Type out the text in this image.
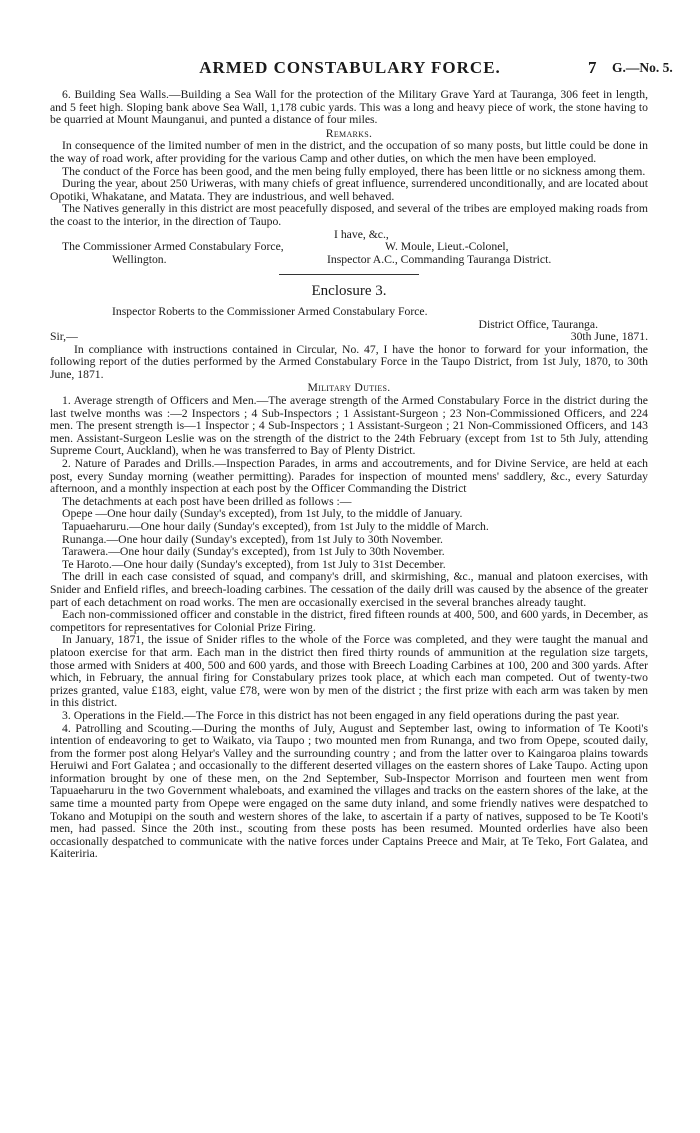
ARMED CONSTABULARY FORCE.	7 G.—No. 5.

6. Building Sea Walls.—Building a Sea Wall for the protection of the Military Grave Yard at Tauranga, 306 feet in length, and 5 feet high. Sloping bank above Sea Wall, 1,178 cubic yards. This was a long and heavy piece of work, the stone having to be quarried at Mount Maunganui, and punted a distance of four miles.

Remarks.

In consequence of the limited number of men in the district, and the occupation of so many posts, but little could be done in the way of road work, after providing for the various Camp and other duties, on which the men have been employed.

The conduct of the Force has been good, and the men being fully employed, there has been little or no sickness among them.

During the year, about 250 Uriweras, with many chiefs of great influence, surrendered unconditionally, and are located about Opotiki, Whakatane, and Matata. They are industrious, and well behaved.

The Natives generally in this district are most peacefully disposed, and several of the tribes are employed making roads from the coast to the interior, in the direction of Taupo.

I have, &c.,
The Commissioner Armed Constabulary Force,	W. Moule, Lieut.-Colonel,
Wellington.	Inspector A.C., Commanding Tauranga District.

Enclosure 3.

Inspector Roberts to the Commissioner Armed Constabulary Force.

District Office, Tauranga.

Sir,—	30th June, 1871.

In compliance with instructions contained in Circular, No. 47, I have the honor to forward for your information, the following report of the duties performed by the Armed Constabulary Force in the Taupo District, from 1st July, 1870, to 30th June, 1871.

Military Duties.

1. Average strength of Officers and Men.—The average strength of the Armed Constabulary Force in the district during the last twelve months was :—2 Inspectors ; 4 Sub-Inspectors ; 1 Assistant-Surgeon ; 23 Non-Commissioned Officers, and 224 men. The present strength is—1 Inspector ; 4 Sub-Inspectors ; 1 Assistant-Surgeon ; 21 Non-Commissioned Officers, and 143 men. Assistant-Surgeon Leslie was on the strength of the district to the 24th February (except from 1st to 5th July, attending Supreme Court, Auckland), when he was transferred to Bay of Plenty District.

2. Nature of Parades and Drills.—Inspection Parades, in arms and accoutrements, and for Divine Service, are held at each post, every Sunday morning (weather permitting). Parades for inspection of mounted mens' saddlery, &c., every Saturday afternoon, and a monthly inspection at each post by the Officer Commanding the District

The detachments at each post have been drilled as follows :—

Opepe —One hour daily (Sunday's excepted), from 1st July, to the middle of January.

Tapuaeharuru.—One hour daily (Sunday's excepted), from 1st July to the middle of March.

Runanga.—One hour daily (Sunday's excepted), from 1st July to 30th November.

Tarawera.—One hour daily (Sunday's excepted), from 1st July to 30th November.

Te Haroto.—One hour daily (Sunday's excepted), from 1st July to 31st December.

The drill in each case consisted of squad, and company's drill, and skirmishing, &c., manual and platoon exercises, with Snider and Enfield rifles, and breech-loading carbines. The cessation of the daily drill was caused by the absence of the greater part of each detachment on road works. The men are occasionally exercised in the several branches already taught.

Each non-commissioned officer and constable in the district, fired fifteen rounds at 400, 500, and 600 yards, in December, as competitors for representatives for Colonial Prize Firing.

In January, 1871, the issue of Snider rifles to the whole of the Force was completed, and they were taught the manual and platoon exercise for that arm. Each man in the district then fired thirty rounds of ammunition at the regulation size targets, those armed with Sniders at 400, 500 and 600 yards, and those with Breech Loading Carbines at 100, 200 and 300 yards. After which, in February, the annual firing for Constabulary prizes took place, at which each man competed. Out of twenty-two prizes granted, value £183, eight, value £78, were won by men of the district ; the first prize with each arm was taken by men in this district.

3. Operations in the Field.—The Force in this district has not been engaged in any field operations during the past year.

4. Patrolling and Scouting.—During the months of July, August and September last, owing to information of Te Kooti's intention of endeavoring to get to Waikato, via Taupo ; two mounted men from Runanga, and two from Opepe, scouted daily, from the former post along Helyar's Valley and the surrounding country ; and from the latter over to Kaingaroa plains towards Heruiwi and Fort Galatea ; and occasionally to the different deserted villages on the eastern shores of Lake Taupo. Acting upon information brought by one of these men, on the 2nd September, Sub-Inspector Morrison and fourteen men went from Tapuaeharuru in the two Government whaleboats, and examined the villages and tracks on the eastern shores of the lake, at the same time a mounted party from Opepe were engaged on the same duty inland, and some friendly natives were despatched to Tokano and Motupipi on the south and western shores of the lake, to ascertain if a party of natives, supposed to be Te Kooti's men, had passed. Since the 20th inst., scouting from these posts has been resumed. Mounted orderlies have also been occasionally despatched to communicate with the native forces under Captains Preece and Mair, at Te Teko, Fort Galatea, and Kaiteriria.
